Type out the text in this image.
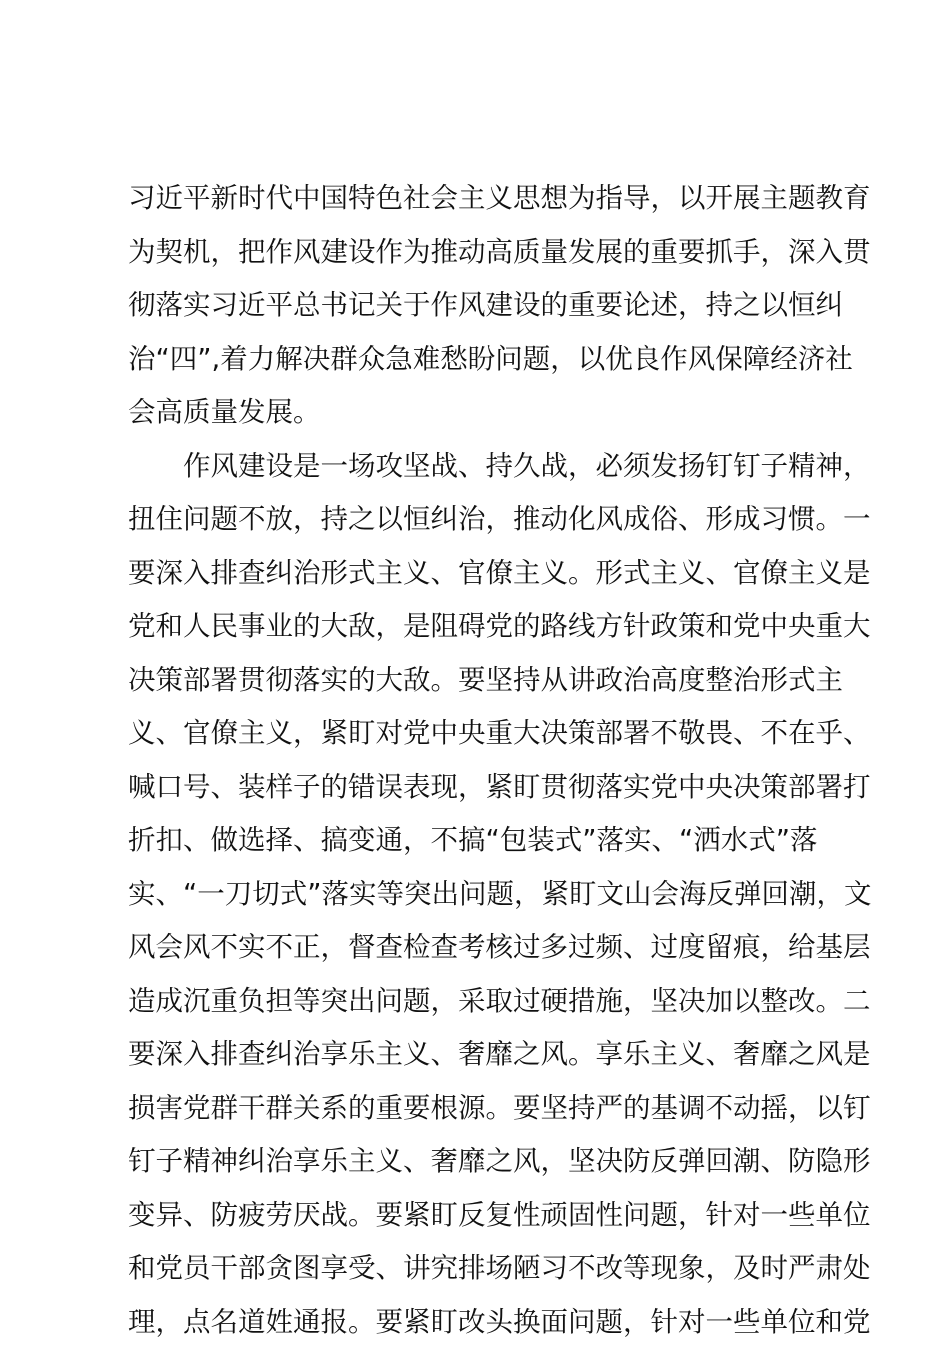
习近平新时代中国特色社会主义思想为指导，以开展主题教育
为契机，把作风建设作为推动高质量发展的重要抓手，深入贯
彻落实习近平总书记关于作风建设的重要论述，持之以恒纠
治“四￼”,着力解决群众急难愁盼问题，以优良作风保障经济社
会高质量发展。
作风建设是一场攻坚战、持久战，必须发扬钉钉子精神，
扭住问题不放，持之以恒纠治，推动化风成俗、形成习惯。一
要深入排查纠治形式主义、官僚主义。形式主义、官僚主义是
党和人民事业的大敌，是阻碍党的路线方针政策和党中央重大
决策部署贯彻落实的大敌。要坚持从讲政治高度整治形式主
义、官僚主义，紧盯对党中央重大决策部署不敬畏、不在乎、
喊口号、装样子的错误表现，紧盯贯彻落实党中央决策部署打
折扣、做选择、搞变通，不搞“包装式”落实、“洒水式”落
实、“一刀切式”落实等突出问题，紧盯文山会海反弹回潮，文
风会风不实不正，督查检查考核过多过频、过度留痕，给基层
造成沉重负担等突出问题，采取过硬措施，坚决加以整改。二
要深入排查纠治享乐主义、奢靡之风。享乐主义、奢靡之风是
损害党群干群关系的重要根源。要坚持严的基调不动摇，以钉
钉子精神纠治享乐主义、奢靡之风，坚决防反弹回潮、防隐形
变异、防疲劳厌战。要紧盯反复性顽固性问题，针对一些单位
和党员干部贪图享受、讲究排场陋习不改等现象，及时严肃处
理，点名道姓通报。要紧盯改头换面问题，针对一些单位和党
